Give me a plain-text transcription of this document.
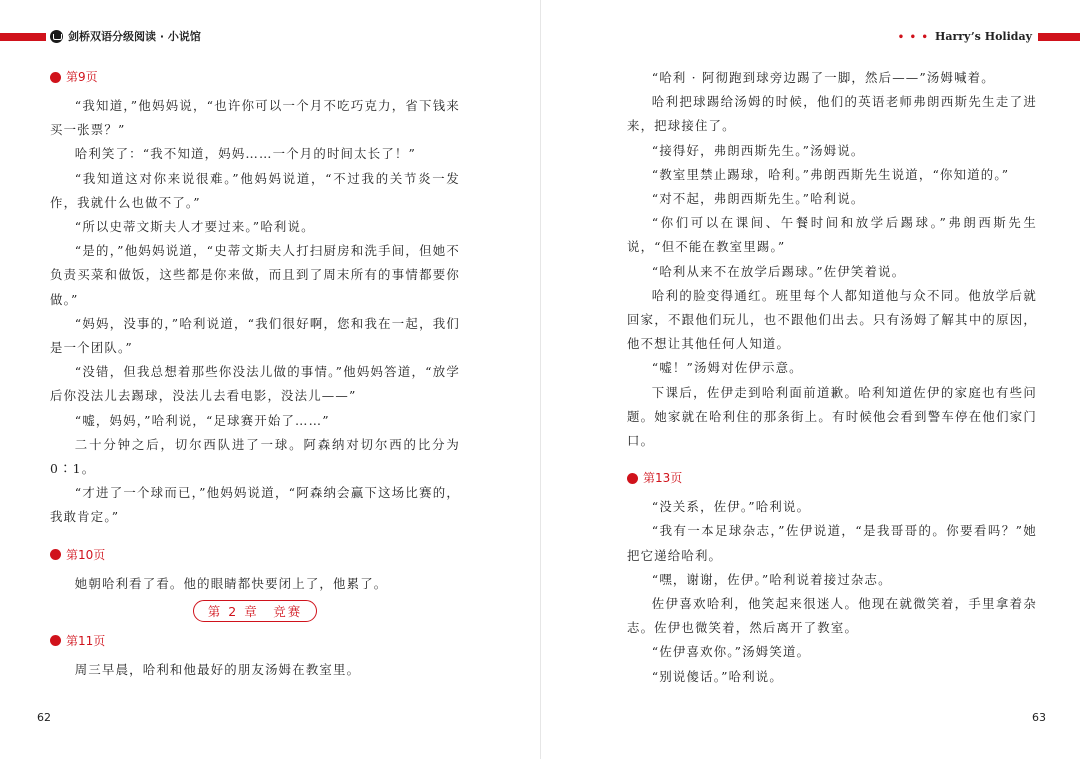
剑桥双语分级阅读 · 小说馆
第9页

“我知道，”他妈妈说，“也许你可以一个月不吃巧克力，省下钱来买一张票？”

哈利笑了：“我不知道，妈妈……一个月的时间太长了！”

“我知道这对你来说很难。”他妈妈说道，“不过我的关节炎一发作，我就什么也做不了。”

“所以史蒂文斯夫人才要过来。”哈利说。

“是的，”他妈妈说道，“史蒂文斯夫人打扫厨房和洗手间，但她不负责买菜和做饭，这些都是你来做，而且到了周末所有的事情都要你做。”

“妈妈，没事的，”哈利说道，“我们很好啊，您和我在一起，我们是一个团队。”

“没错，但我总想着那些你没法儿做的事情。”他妈妈答道，“放学后你没法儿去踢球，没法儿去看电影，没法儿——”

“嘘，妈妈，”哈利说，“足球赛开始了……”

二十分钟之后，切尔西队进了一球。阿森纳对切尔西的比分为 0∶1。

“才进了一个球而已，”他妈妈说道，“阿森纳会赢下这场比赛的，我敢肯定。”

第10页

她朝哈利看了看。他的眼睛都快要闭上了，他累了。

第 2 章　竞赛
第11页

周三早晨，哈利和他最好的朋友汤姆在教室里。

62
• • • Harry’s Holiday

“哈利 · 阿彻跑到球旁边踢了一脚，然后——”汤姆喊着。

哈利把球踢给汤姆的时候，他们的英语老师弗朗西斯先生走了进来，把球接住了。

“接得好，弗朗西斯先生。”汤姆说。

“教室里禁止踢球，哈利。”弗朗西斯先生说道，“你知道的。”

“对不起，弗朗西斯先生。”哈利说。

“你们可以在课间、午餐时间和放学后踢球。”弗朗西斯先生说，“但不能在教室里踢。”

“哈利从来不在放学后踢球。”佐伊笑着说。

哈利的脸变得通红。班里每个人都知道他与众不同。他放学后就回家，不跟他们玩儿，也不跟他们出去。只有汤姆了解其中的原因，他不想让其他任何人知道。

“嘘！”汤姆对佐伊示意。

下课后，佐伊走到哈利面前道歉。哈利知道佐伊的家庭也有些问题。她家就在哈利住的那条街上。有时候他会看到警车停在他们家门口。

第13页

“没关系，佐伊。”哈利说。

“我有一本足球杂志，”佐伊说道，“是我哥哥的。你要看吗？”她把它递给哈利。

“嘿，谢谢，佐伊。”哈利说着接过杂志。

佐伊喜欢哈利，他笑起来很迷人。他现在就微笑着，手里拿着杂志。佐伊也微笑着，然后离开了教室。

“佐伊喜欢你。”汤姆笑道。

“别说傻话。”哈利说。

63
